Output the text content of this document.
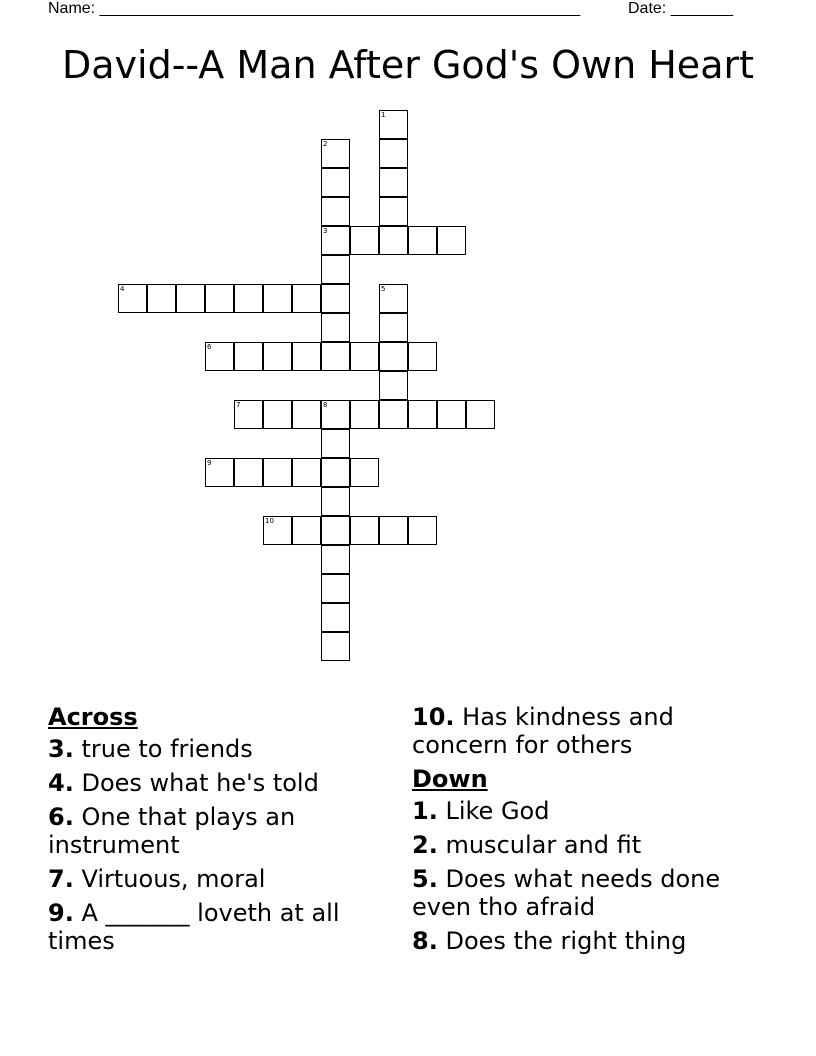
Name: ______________________________________________________	Date: _______
David--A Man After God's Own Heart
3
4
6
7	8
9
10
1
2
5
Across
3. true to friends
4. Does what he's told
6. One that plays an instrument
7. Virtuous, moral
9. A _______ loveth at all times
10. Has kindness and concern for others
Down
1. Like God
2. muscular and fit
5. Does what needs done even tho afraid
8. Does the right thing
